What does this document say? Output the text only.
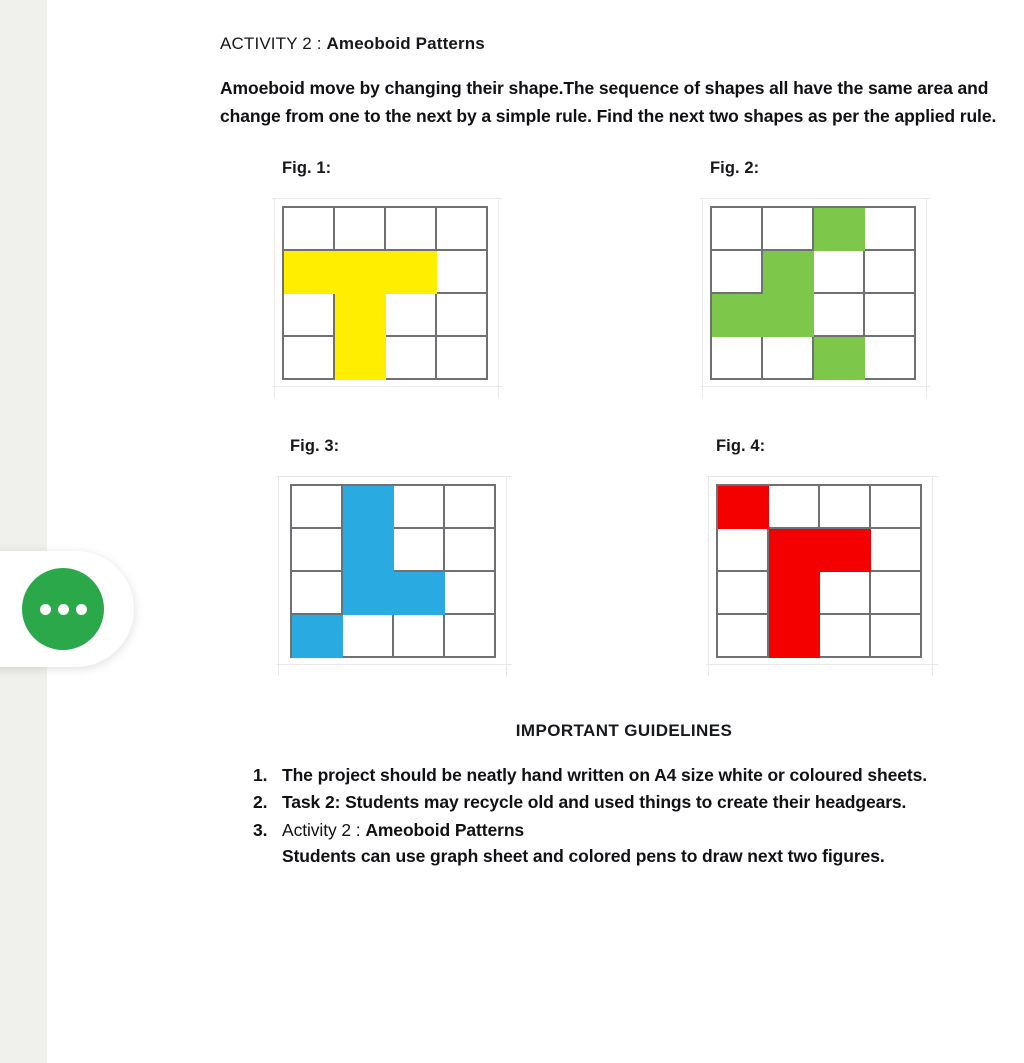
ACTIVITY 2 : Ameoboid Patterns

Amoeboid move by changing their shape.The sequence of shapes all have the same area and change from one to the next by a simple rule. Find the next two shapes as per the applied rule.

Fig. 1:	Fig. 2:
Fig. 3:	Fig. 4:
IMPORTANT GUIDELINES
The project should be neatly hand written on A4 size white or coloured sheets.
Task 2: Students may recycle old and used things to create their headgears.
Activity 2 : Ameoboid Patterns
Students can use graph sheet and colored pens to draw next two figures.
